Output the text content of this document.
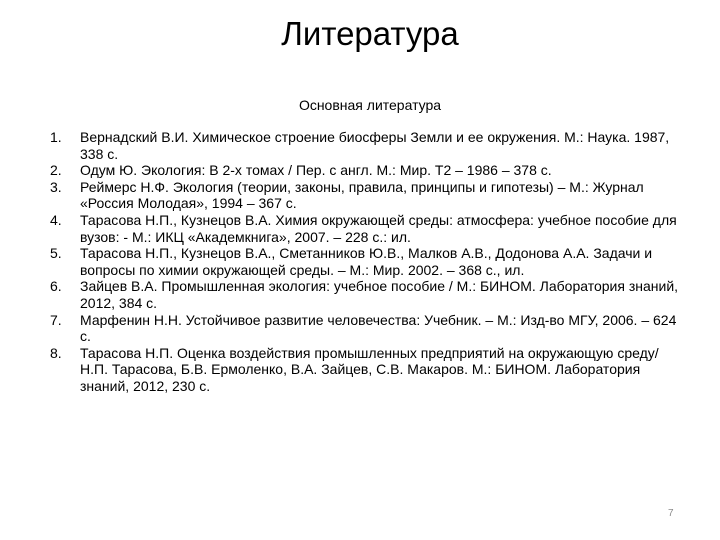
Литература

Основная литература

1.	Вернадский В.И. Химическое строение биосферы Земли и ее окружения. М.: Наука. 1987, 338 с.
2.	Одум Ю. Экология: В 2-х томах / Пер. с англ. М.: Мир. Т2 – 1986 – 378 с.
3.	Реймерс Н.Ф. Экология (теории, законы, правила, принципы и гипотезы) – М.: Журнал «Россия Молодая», 1994 – 367 с.
4.	Тарасова Н.П., Кузнецов В.А. Химия окружающей среды: атмосфера: учебное пособие для вузов: - М.: ИКЦ «Академкнига», 2007. – 228 с.: ил.
5.	Тарасова Н.П., Кузнецов В.А., Сметанников Ю.В., Малков А.В., Додонова А.А. Задачи и вопросы по химии окружающей среды. – М.: Мир. 2002. – 368 с., ил.
6.	Зайцев В.А. Промышленная экология: учебное пособие / М.: БИНОМ. Лаборатория знаний, 2012, 384 с.
7.	Марфенин Н.Н. Устойчивое развитие человечества: Учебник. – М.: Изд-во МГУ, 2006. – 624 с.
8.	Тарасова Н.П. Оценка воздействия промышленных предприятий на окружающую среду/ Н.П. Тарасова, Б.В. Ермоленко, В.А. Зайцев, С.В. Макаров. М.: БИНОМ. Лаборатория знаний, 2012, 230 с.
7
